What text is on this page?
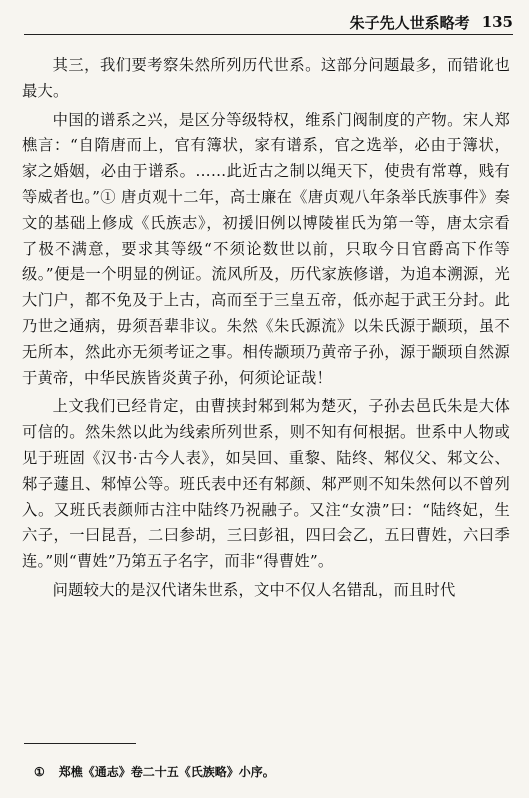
朱子先人世系略考 135

其三，我们要考察朱然所列历代世系。这部分问题最多，而错讹也最大。

中国的谱系之兴，是区分等级特权，维系门阀制度的产物。宋人郑樵言：“自隋唐而上，官有簿状，家有谱系，官之选举，必由于簿状，家之婚姻，必由于谱系。……此近古之制以绳天下，使贵有常尊，贱有等威者也。”① 唐贞观十二年，高士廉在《唐贞观八年条举氏族事件》奏文的基础上修成《氏族志》，初援旧例以博陵崔氏为第一等，唐太宗看了极不满意，要求其等级“不须论数世以前，只取今日官爵高下作等级。”便是一个明显的例证。流风所及，历代家族修谱，为追本溯源，光大门户，都不免及于上古，高而至于三皇五帝，低亦起于武王分封。此乃世之通病，毋须吾辈非议。朱然《朱氏源流》以朱氏源于颛顼，虽不无所本，然此亦无须考证之事。相传颛顼乃黄帝子孙，源于颛顼自然源于黄帝，中华民族皆炎黄子孙，何须论证哉！

上文我们已经肯定，由曹挟封邾到邾为楚灭，子孙去邑氏朱是大体可信的。然朱然以此为线索所列世系，则不知有何根据。世系中人物或见于班固《汉书·古今人表》，如吴回、重黎、陆终、邾仪父、邾文公、邾子蘧且、邾悼公等。班氏表中还有邾颜、邾严则不知朱然何以不曾列入。又班氏表颜师古注中陆终乃祝融子。又注“女溃”曰：“陆终妃，生六子，一曰昆吾，二曰参胡，三曰彭祖，四曰会乙，五曰曹姓，六曰季连。”则“曹姓”乃第五子名字，而非“得曹姓”。

问题较大的是汉代诸朱世系，文中不仅人名错乱，而且时代

① 郑樵《通志》卷二十五《氏族略》小序。
